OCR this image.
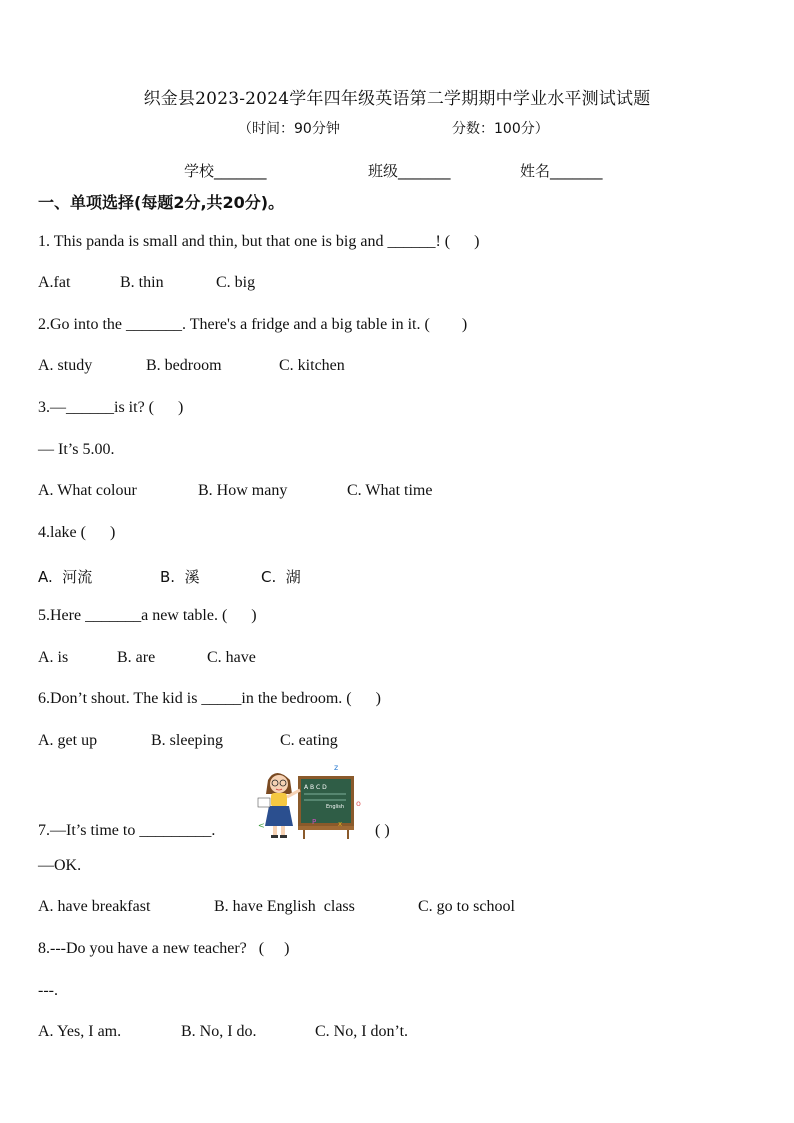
织金县2023-2024学年四年级英语第二学期期中学业水平测试试题
（时间：90分钟	分数：100分）
学校_______	班级_______	姓名_______
一、单项选择(每题2分,共20分)。
1. This panda is small and thin, but that one is big and ______! (      )
A.fat	B. thin	C. big
2.Go into the _______. There's a fridge and a big table in it. (        )
A. study	B. bedroom	C. kitchen
3.—______is it? (      )
— It’s 5.00.
A. What colour	B. How many	C. What time
4.lake (      )
A.  河流	B.  溪	C.  湖
5.Here _______a new table. (      )
A. is	B. are	C. have
6.Don’t shout. The kid is _____in the bedroom. (      )
A. get up	B. sleeping	C. eating
7.—It’s time to _________.	( )
A B C D
English
z
o
P	x
<
—OK.
A. have breakfast	B. have English  class	C. go to school
8.---Do you have a new teacher?   (     )
---.
A. Yes, I am.	B. No, I do.	C. No, I don’t.
